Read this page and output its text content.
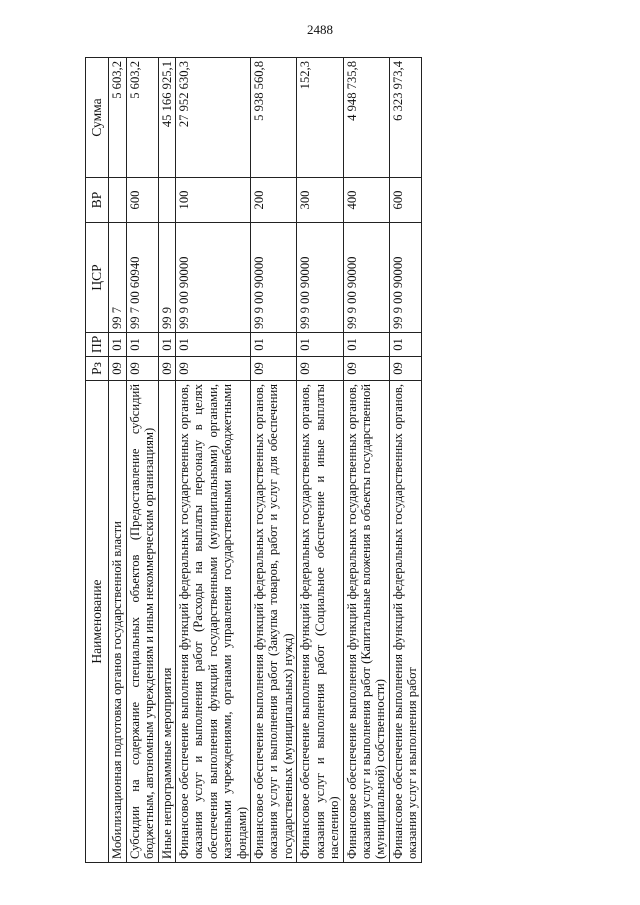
2488
Наименование	Рз	ПР	ЦСР	ВР	Сумма
Мобилизационная подготовка органов государственной власти	09	01	99 7		5 603,2
Субсидии на содержание специальных объектов (Предоставление субсидий бюджетным, автономным учреждениям и иным некоммерческим организациям)	09	01	99 7 00 60940	600	5 603,2
Иные непрограммные мероприятия	09	01	99 9		45 166 925,1
Финансовое обеспечение выполнения функций федеральных государственных органов, оказания услуг и выполнения работ (Расходы на выплаты персоналу в целях обеспечения выполнения функций государственными (муниципальными) органами, казенными учреждениями, органами управления государственными внебюджетными фондами)	09	01	99 9 00 90000	100	27 952 630,3
Финансовое обеспечение выполнения функций федеральных государственных органов, оказания услуг и выполнения работ (Закупка товаров, работ и услуг для обеспечения государственных (муниципальных) нужд)	09	01	99 9 00 90000	200	5 938 560,8
Финансовое обеспечение выполнения функций федеральных государственных органов, оказания услуг и выполнения работ (Социальное обеспечение и иные выплаты населению)	09	01	99 9 00 90000	300	152,3
Финансовое обеспечение выполнения функций федеральных государственных органов, оказания услуг и выполнения работ (Капитальные вложения в объекты государственной (муниципальной) собственности)	09	01	99 9 00 90000	400	4 948 735,8
Финансовое обеспечение выполнения функций федеральных государственных органов, оказания услуг и выполнения работ	09	01	99 9 00 90000	600	6 323 973,4
